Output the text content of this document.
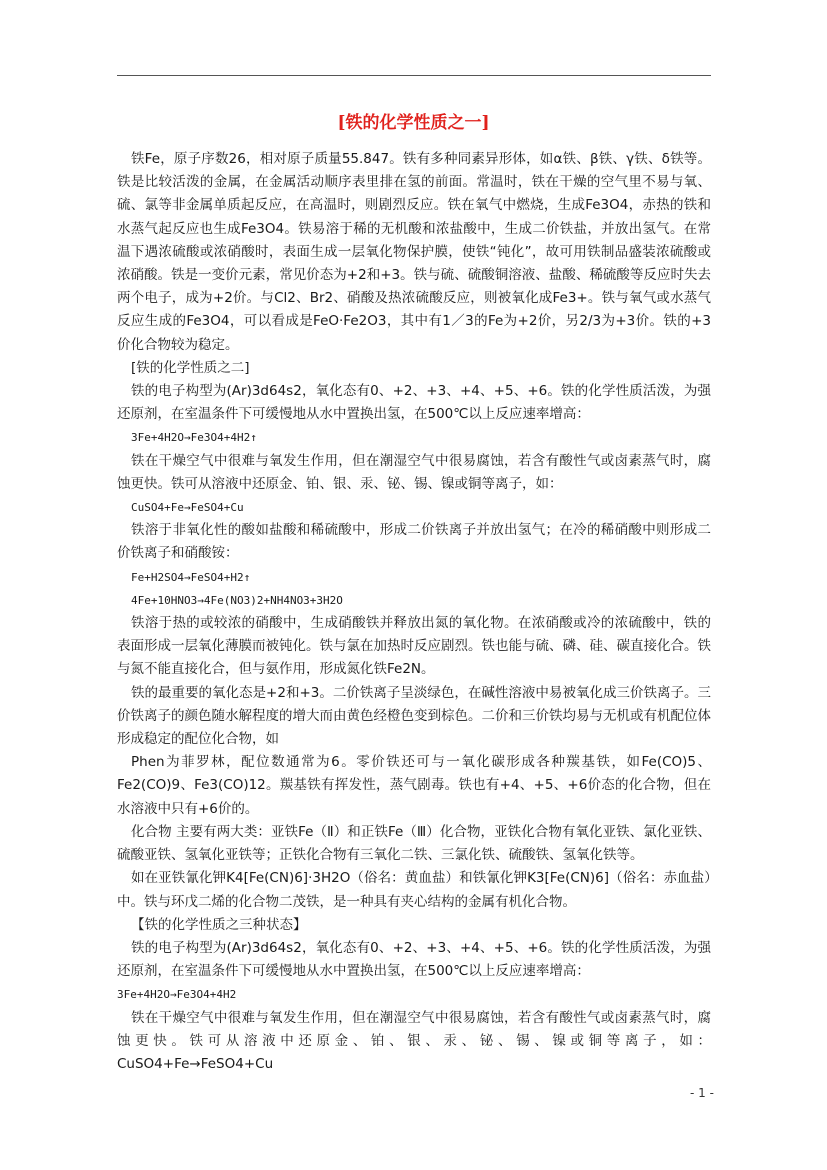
[铁的化学性质之一]

铁Fe，原子序数26，相对原子质量55.847。铁有多种同素异形体，如α铁、β铁、γ铁、δ铁等。铁是比较活泼的金属，在金属活动顺序表里排在氢的前面。常温时，铁在干燥的空气里不易与氧、硫、氯等非金属单质起反应，在高温时，则剧烈反应。铁在氧气中燃烧，生成Fe3O4，赤热的铁和水蒸气起反应也生成Fe3O4。铁易溶于稀的无机酸和浓盐酸中，生成二价铁盐，并放出氢气。在常温下遇浓硫酸或浓硝酸时，表面生成一层氧化物保护膜，使铁“钝化”，故可用铁制品盛装浓硫酸或浓硝酸。铁是一变价元素，常见价态为+2和+3。铁与硫、硫酸铜溶液、盐酸、稀硫酸等反应时失去两个电子，成为+2价。与Cl2、Br2、硝酸及热浓硫酸反应，则被氧化成Fe3+。铁与氧气或水蒸气反应生成的Fe3O4，可以看成是FeO·Fe2O3，其中有1／3的Fe为+2价，另2/3为+3价。铁的+3价化合物较为稳定。

[铁的化学性质之二]

铁的电子构型为(Ar)3d64s2，氧化态有0、+2、+3、+4、+5、+6。铁的化学性质活泼，为强还原剂，在室温条件下可缓慢地从水中置换出氢，在500℃以上反应速率增高：

3Fe+4H2O→Fe3O4+4H2↑

铁在干燥空气中很难与氧发生作用，但在潮湿空气中很易腐蚀，若含有酸性气或卤素蒸气时，腐蚀更快。铁可从溶液中还原金、铂、银、汞、铋、锡、镍或铜等离子，如：

CuSO4+Fe→FeSO4+Cu

铁溶于非氧化性的酸如盐酸和稀硫酸中，形成二价铁离子并放出氢气；在冷的稀硝酸中则形成二价铁离子和硝酸铵：

Fe+H2SO4→FeSO4+H2↑

4Fe+10HNO3→4Fe(NO3)2+NH4NO3+3H2O

铁溶于热的或较浓的硝酸中，生成硝酸铁并释放出氮的氧化物。在浓硝酸或冷的浓硫酸中，铁的表面形成一层氧化薄膜而被钝化。铁与氯在加热时反应剧烈。铁也能与硫、磷、硅、碳直接化合。铁与氮不能直接化合，但与氨作用，形成氮化铁Fe2N。

铁的最重要的氧化态是+2和+3。二价铁离子呈淡绿色，在碱性溶液中易被氧化成三价铁离子。三价铁离子的颜色随水解程度的增大而由黄色经橙色变到棕色。二价和三价铁均易与无机或有机配位体形成稳定的配位化合物，如

Phen为菲罗林，配位数通常为6。零价铁还可与一氧化碳形成各种羰基铁，如Fe(CO)5、Fe2(CO)9、Fe3(CO)12。羰基铁有挥发性，蒸气剧毒。铁也有+4、+5、+6价态的化合物，但在水溶液中只有+6价的。

化合物 主要有两大类：亚铁Fe（Ⅱ）和正铁Fe（Ⅲ）化合物，亚铁化合物有氧化亚铁、氯化亚铁、硫酸亚铁、氢氧化亚铁等；正铁化合物有三氧化二铁、三氯化铁、硫酸铁、氢氧化铁等。

如在亚铁氰化钾K4[Fe(CN)6]·3H2O（俗名：黄血盐）和铁氰化钾K3[Fe(CN)6]（俗名：赤血盐）中。铁与环戊二烯的化合物二茂铁，是一种具有夹心结构的金属有机化合物。

【铁的化学性质之三种状态】

铁的电子构型为(Ar)3d64s2，氧化态有0、+2、+3、+4、+5、+6。铁的化学性质活泼，为强还原剂，在室温条件下可缓慢地从水中置换出氢，在500℃以上反应速率增高：

3Fe+4H2O→Fe3O4+4H2

铁在干燥空气中很难与氧发生作用，但在潮湿空气中很易腐蚀，若含有酸性气或卤素蒸气时，腐蚀更快。铁可从溶液中还原金、铂、银、汞、铋、锡、镍或铜等离子，如：CuSO4+Fe→FeSO4+Cu

- 1 -
